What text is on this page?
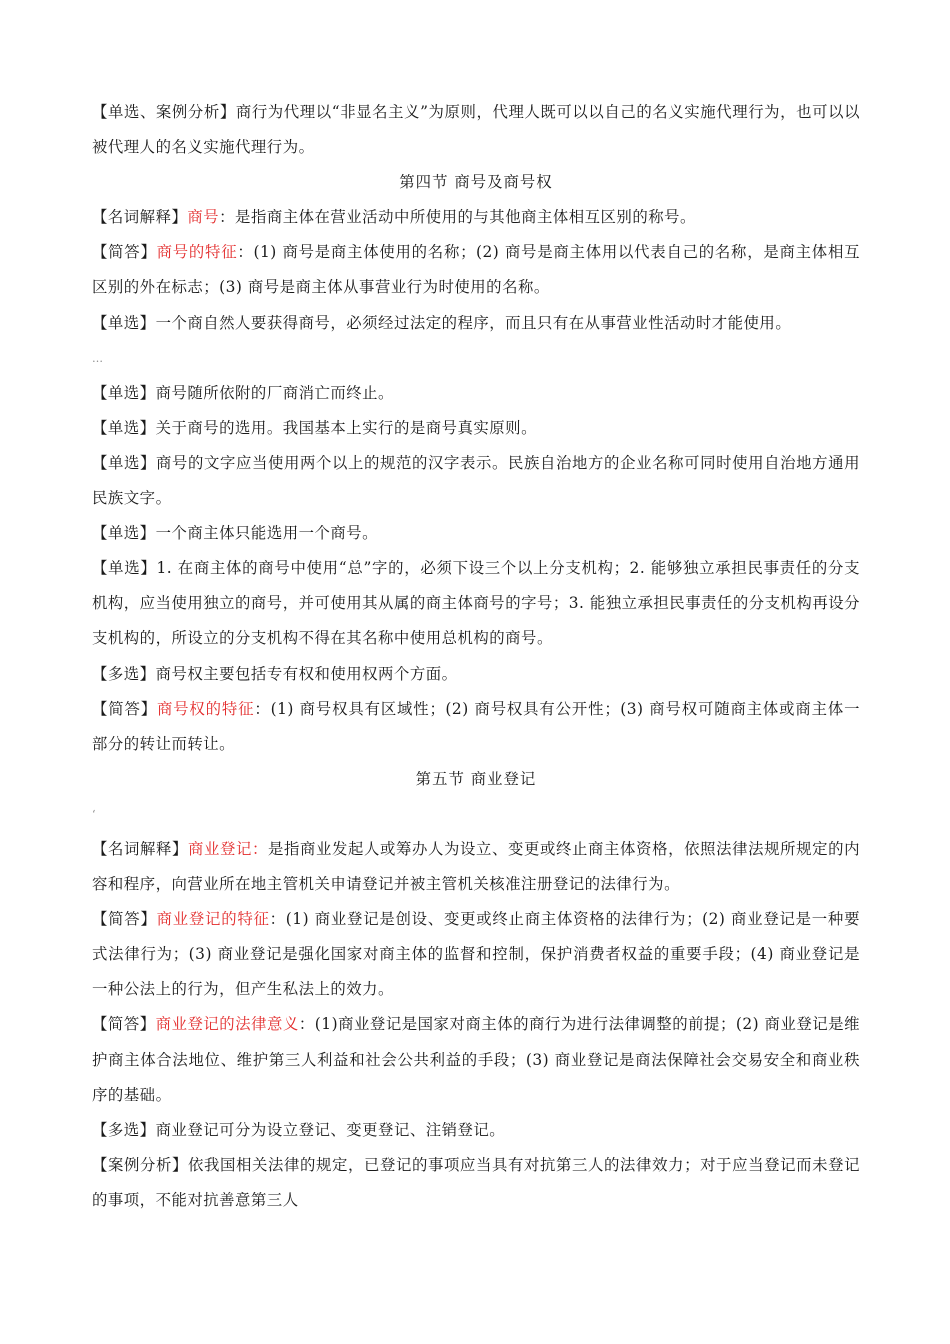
【单选、案例分析】商行为代理以“非显名主义”为原则，代理人既可以以自己的名义实施代理行为，也可以以被代理人的名义实施代理行为。

第四节 商号及商号权

【名词解释】商号：是指商主体在营业活动中所使用的与其他商主体相互区别的称号。

【简答】商号的特征：(1) 商号是商主体使用的名称；(2) 商号是商主体用以代表自己的名称，是商主体相互区别的外在标志；(3) 商号是商主体从事营业行为时使用的名称。

【单选】一个商自然人要获得商号，必须经过法定的程序，而且只有在从事营业性活动时才能使用。

…

【单选】商号随所依附的厂商消亡而终止。

【单选】关于商号的选用。我国基本上实行的是商号真实原则。

【单选】商号的文字应当使用两个以上的规范的汉字表示。民族自治地方的企业名称可同时使用自治地方通用民族文字。

【单选】一个商主体只能选用一个商号。

【单选】1. 在商主体的商号中使用“总”字的，必须下设三个以上分支机构；2. 能够独立承担民事责任的分支机构，应当使用独立的商号，并可使用其从属的商主体商号的字号；3. 能独立承担民事责任的分支机构再设分支机构的，所设立的分支机构不得在其名称中使用总机构的商号。

【多选】商号权主要包括专有权和使用权两个方面。

【简答】商号权的特征：(1) 商号权具有区域性；(2) 商号权具有公开性；(3) 商号权可随商主体或商主体一部分的转让而转让。

第五节 商业登记

‘

【名词解释】商业登记：是指商业发起人或筹办人为设立、变更或终止商主体资格，依照法律法规所规定的内容和程序，向营业所在地主管机关申请登记并被主管机关核准注册登记的法律行为。

【简答】商业登记的特征：(1) 商业登记是创设、变更或终止商主体资格的法律行为；(2) 商业登记是一种要式法律行为；(3) 商业登记是强化国家对商主体的监督和控制，保护消费者权益的重要手段；(4) 商业登记是一种公法上的行为，但产生私法上的效力。

【简答】商业登记的法律意义：(1)商业登记是国家对商主体的商行为进行法律调整的前提；(2) 商业登记是维护商主体合法地位、维护第三人利益和社会公共利益的手段；(3) 商业登记是商法保障社会交易安全和商业秩序的基础。

【多选】商业登记可分为设立登记、变更登记、注销登记。

【案例分析】依我国相关法律的规定，已登记的事项应当具有对抗第三人的法律效力；对于应当登记而未登记的事项，不能对抗善意第三人
